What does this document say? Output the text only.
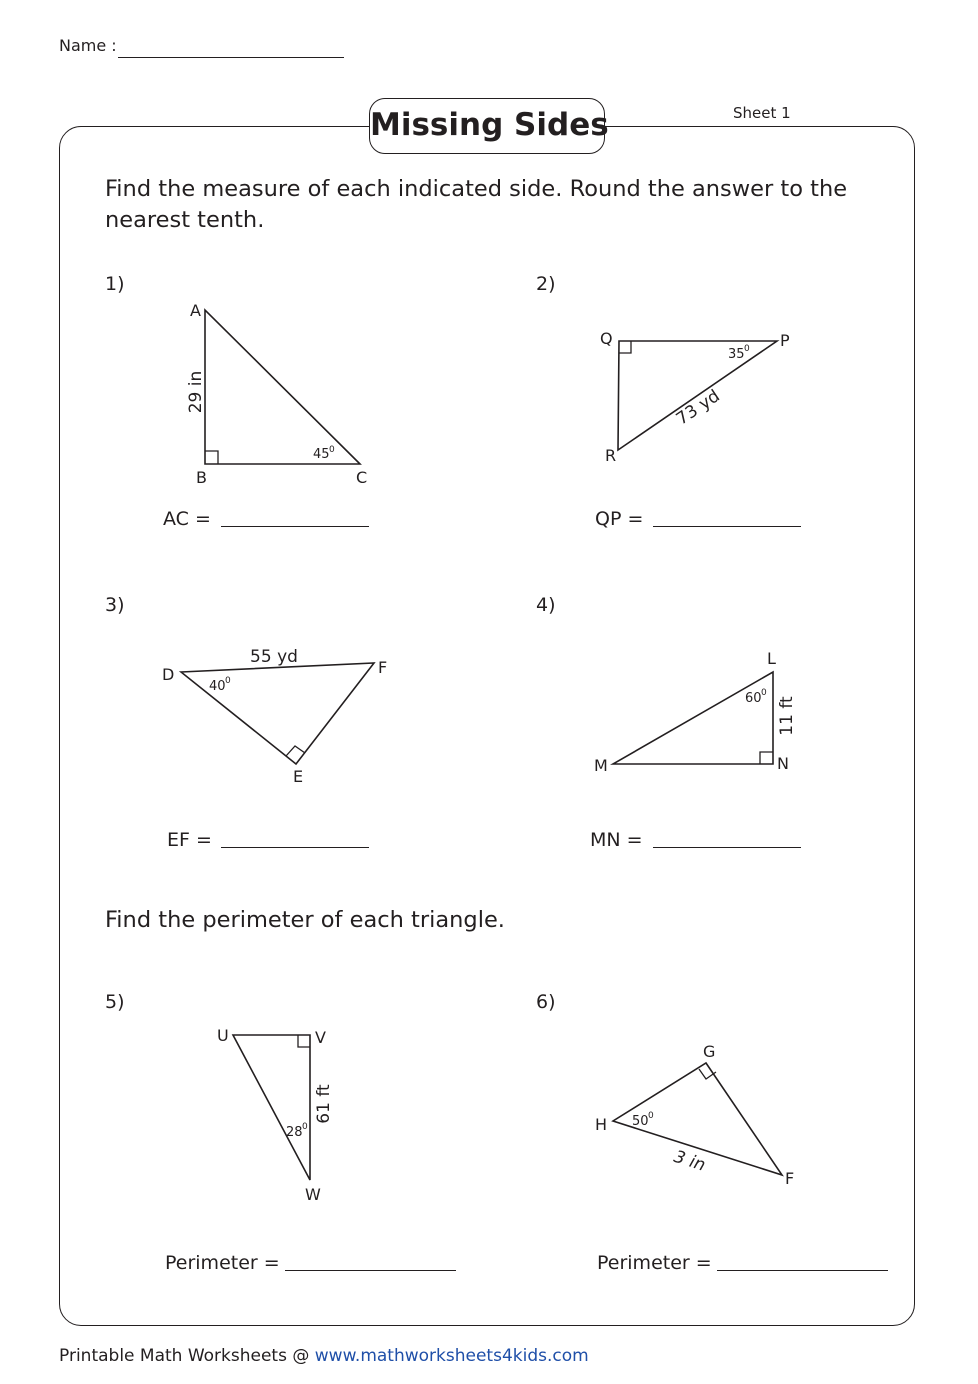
Name :
Missing Sides	Sheet 1
Find the measure of each indicated side. Round the answer to the nearest tenth.
1)
A
B	C
29 in
45 0
AC =
2)
Q	P
R
73 yd
35 0
QP =
3)
D	F
E
55 yd
40 0
EF =
4)
L
M	N
11 ft
60 0
MN =
Find the perimeter of each triangle.
5)
U	V
W
61 ft
28 0
Perimeter =
6)
G
H
F
3 in
50 0
Perimeter =
Printable Math Worksheets @ www.mathworksheets4kids.com
